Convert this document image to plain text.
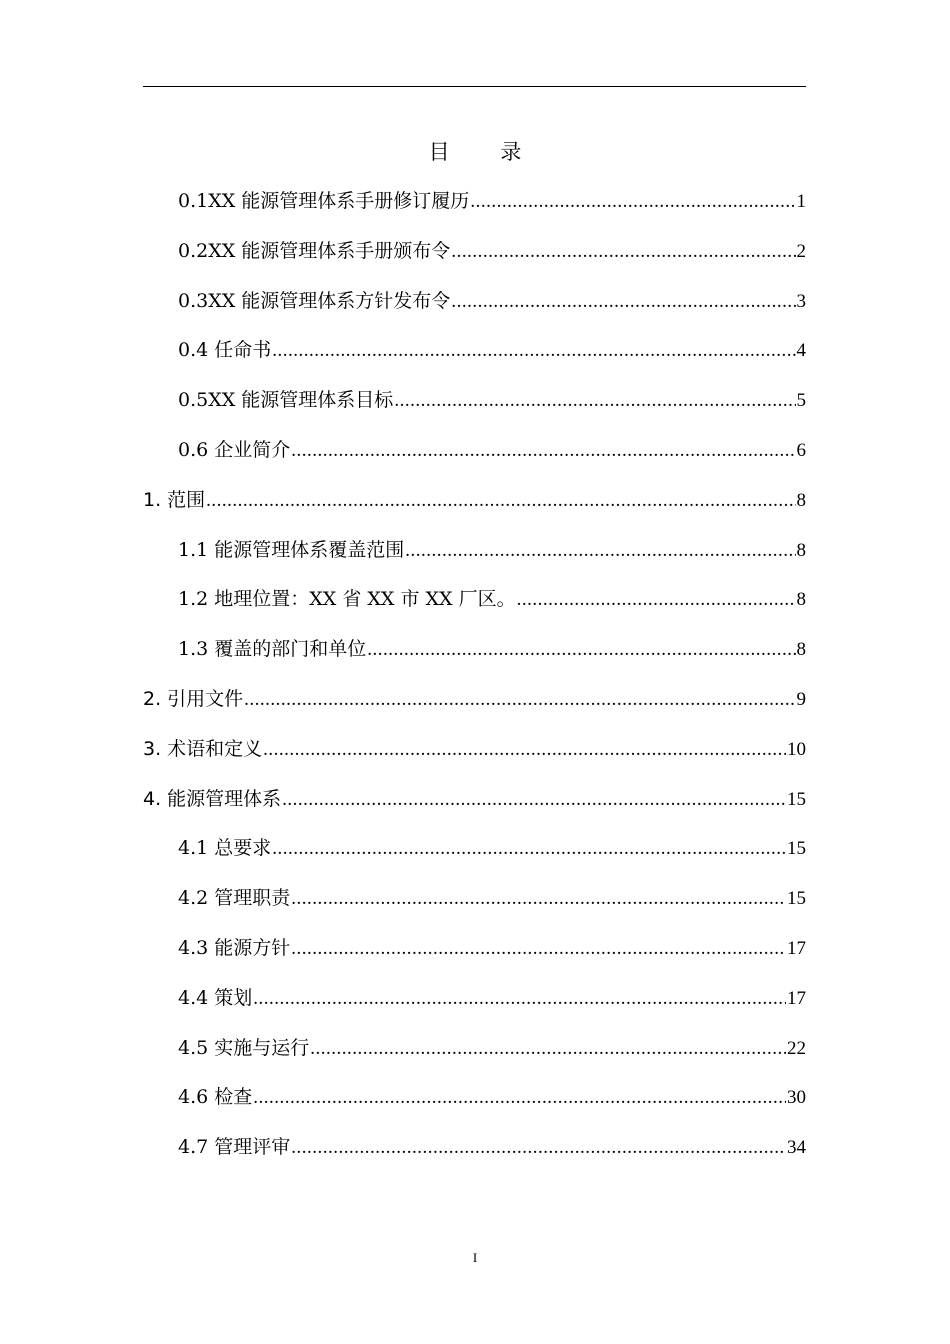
目 录
0.1XX 能源管理体系手册修订履历 .....	1
0.2XX 能源管理体系手册颁布令 .....	2
0.3XX 能源管理体系方针发布令 .....	3
0.4 任命书 .....	4
0.5XX 能源管理体系目标 .....	5
0.6 企业简介 .....	6
1. 范围 .....	8
1.1 能源管理体系覆盖范围 .....	8
1.2 地理位置：XX 省 XX 市 XX 厂区。 .....	8
1.3 覆盖的部门和单位 .....	8
2. 引用文件 .....	9
3. 术语和定义 .....	10
4. 能源管理体系 .....	15
4.1 总要求 .....	15
4.2 管理职责 .....	15
4.3 能源方针 .....	17
4.4 策划 .....	17
4.5 实施与运行 .....	22
4.6 检查 .....	30
4.7 管理评审 .....	34
I
